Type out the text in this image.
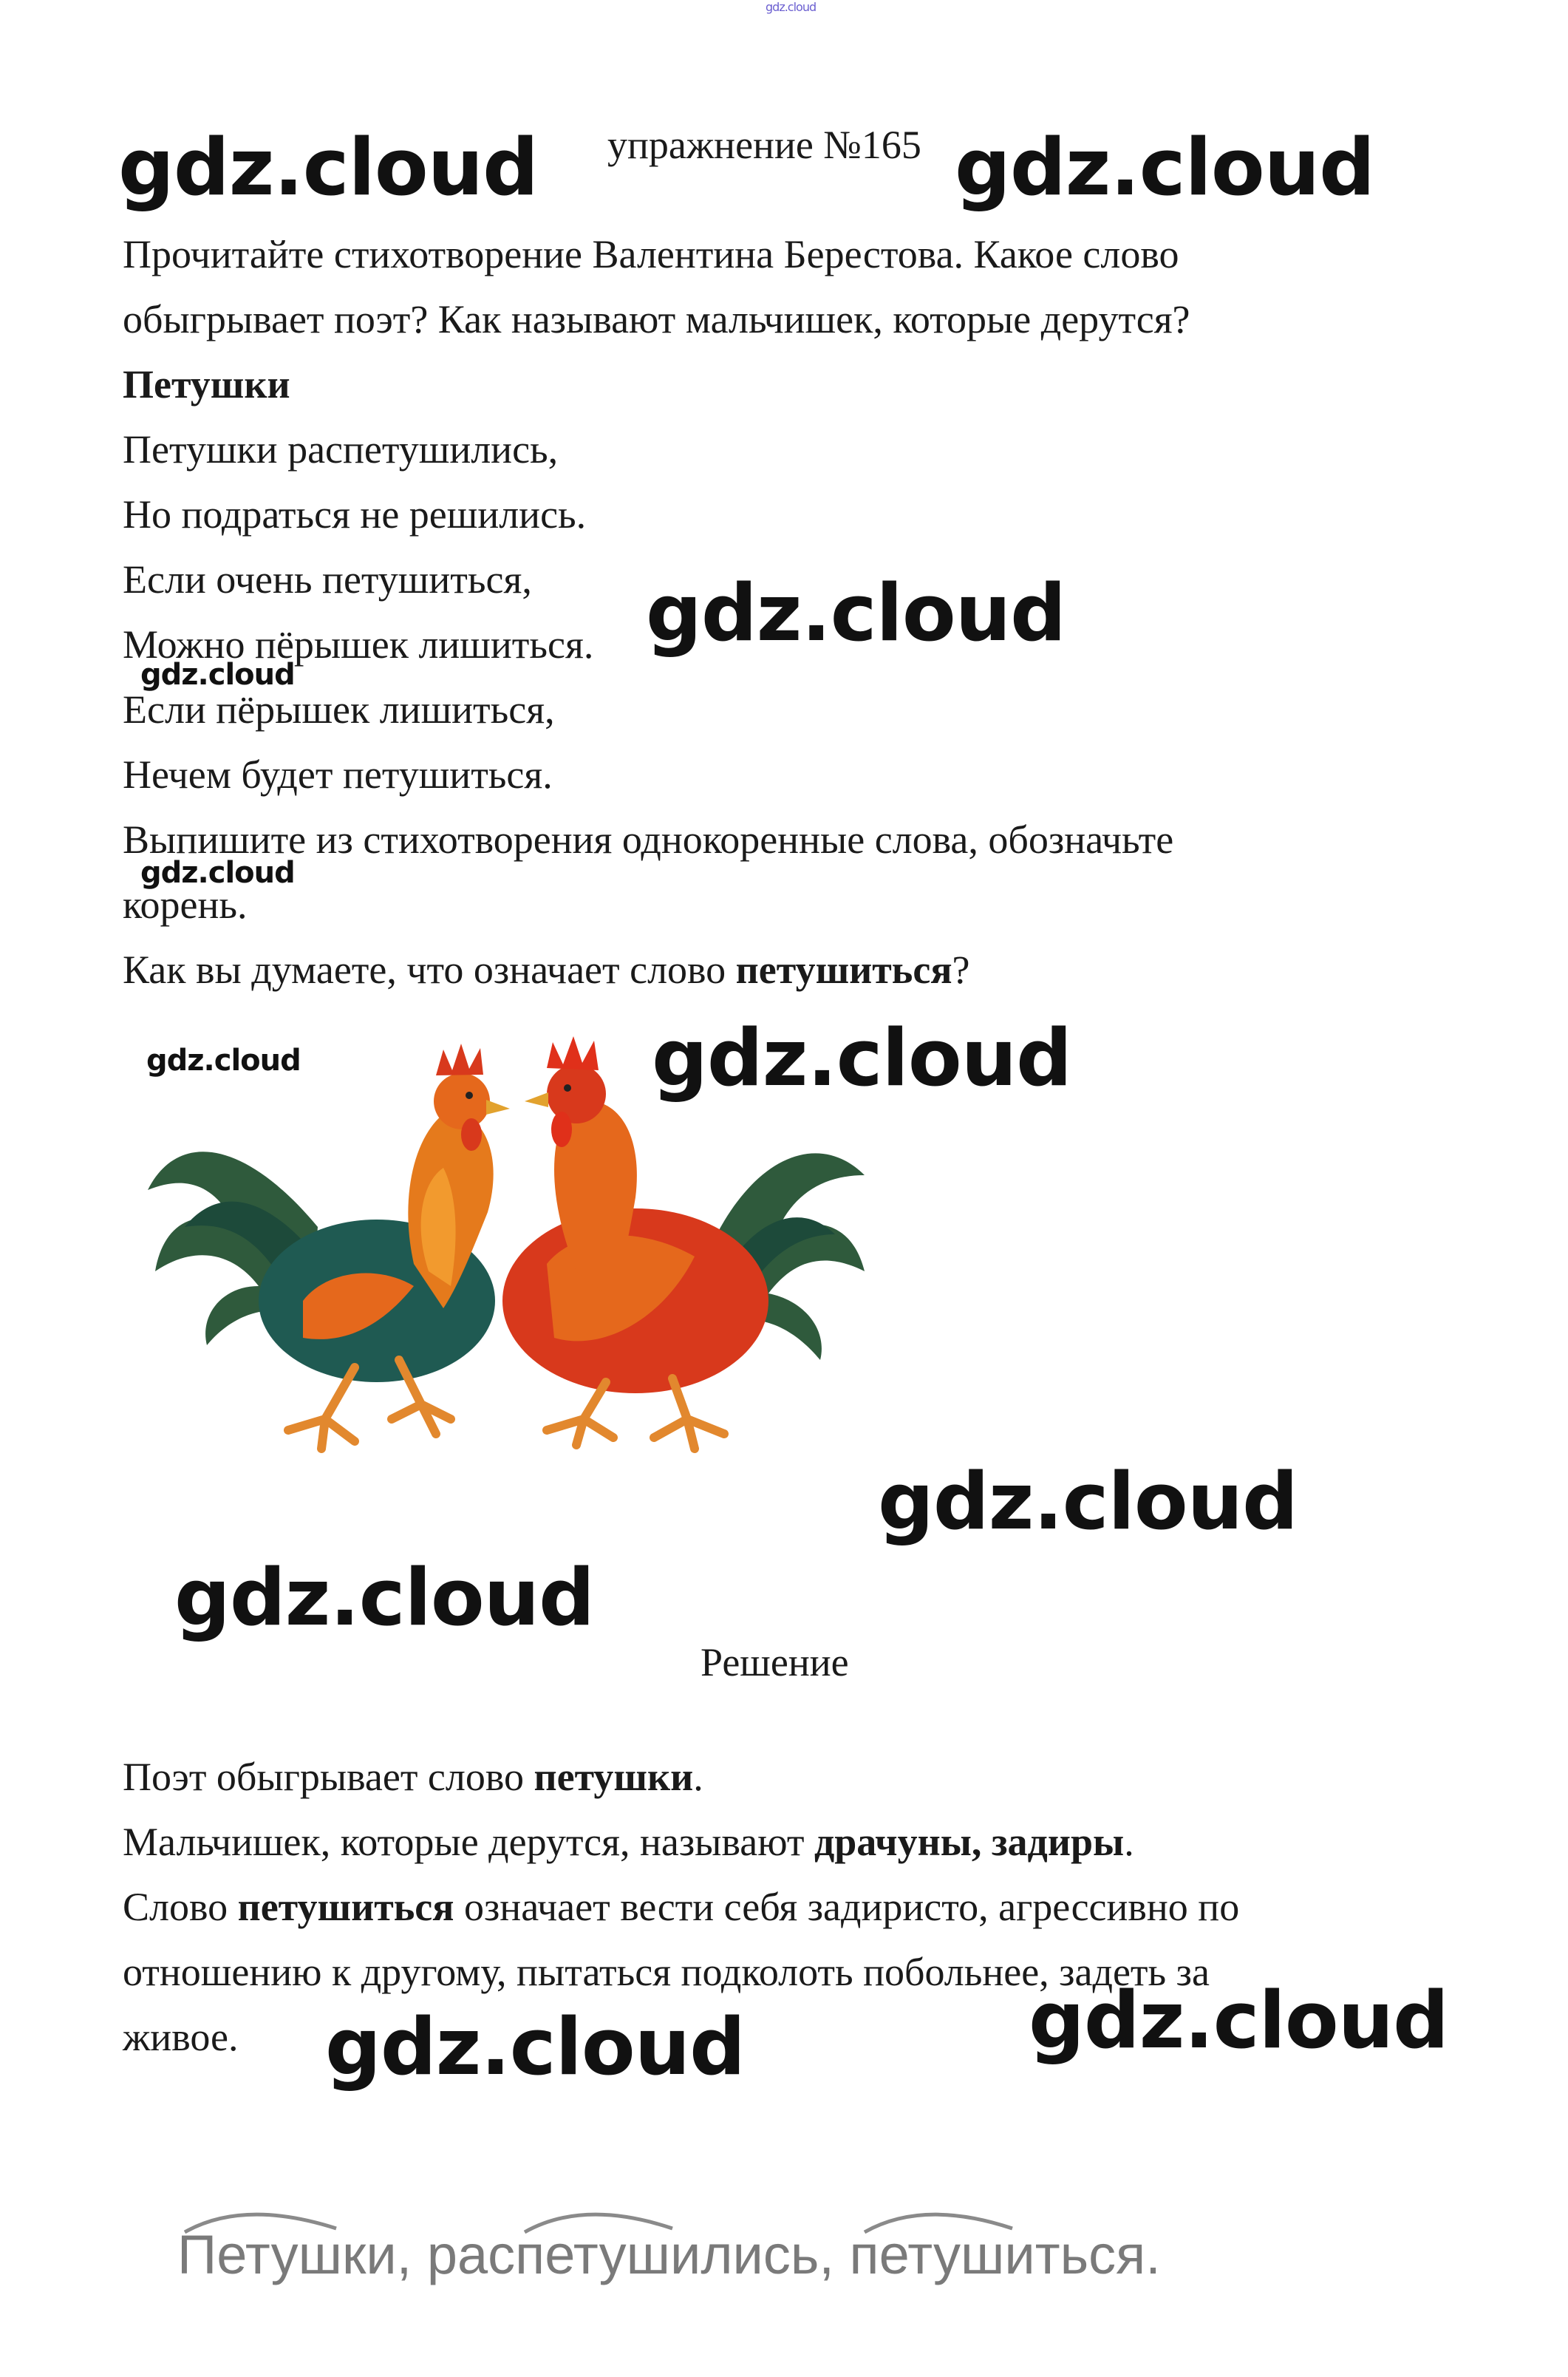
gdz.cloud
gdz.cloud упражнение №165 gdz.cloud
Прочитайте стихотворение Валентина Берестова. Какое слово
обыгрывает поэт? Как называют мальчишек, которые дерутся?
Петушки
Петушки распетушились,
Но подраться не решились.
Если очень петушиться,
Можно пёрышек лишиться. gdz.cloud
gdz.cloud
Если пёрышек лишиться,
Нечем будет петушиться.
Выпишите из стихотворения однокоренные слова, обозначьте
gdz.cloud
корень.
Как вы думаете, что означает слово петушиться?
gdz.cloud	gdz.cloud
gdz.cloud
gdz.cloud
Решение
Поэт обыгрывает слово петушки.
Мальчишек, которые дерутся, называют драчуны, задиры.
Слово петушиться означает вести себя задиристо, агрессивно по
отношению к другому, пытаться подколоть побольнее, задеть за
живое. gdz.cloud	gdz.cloud
Петушки, распетушились, петушиться.
